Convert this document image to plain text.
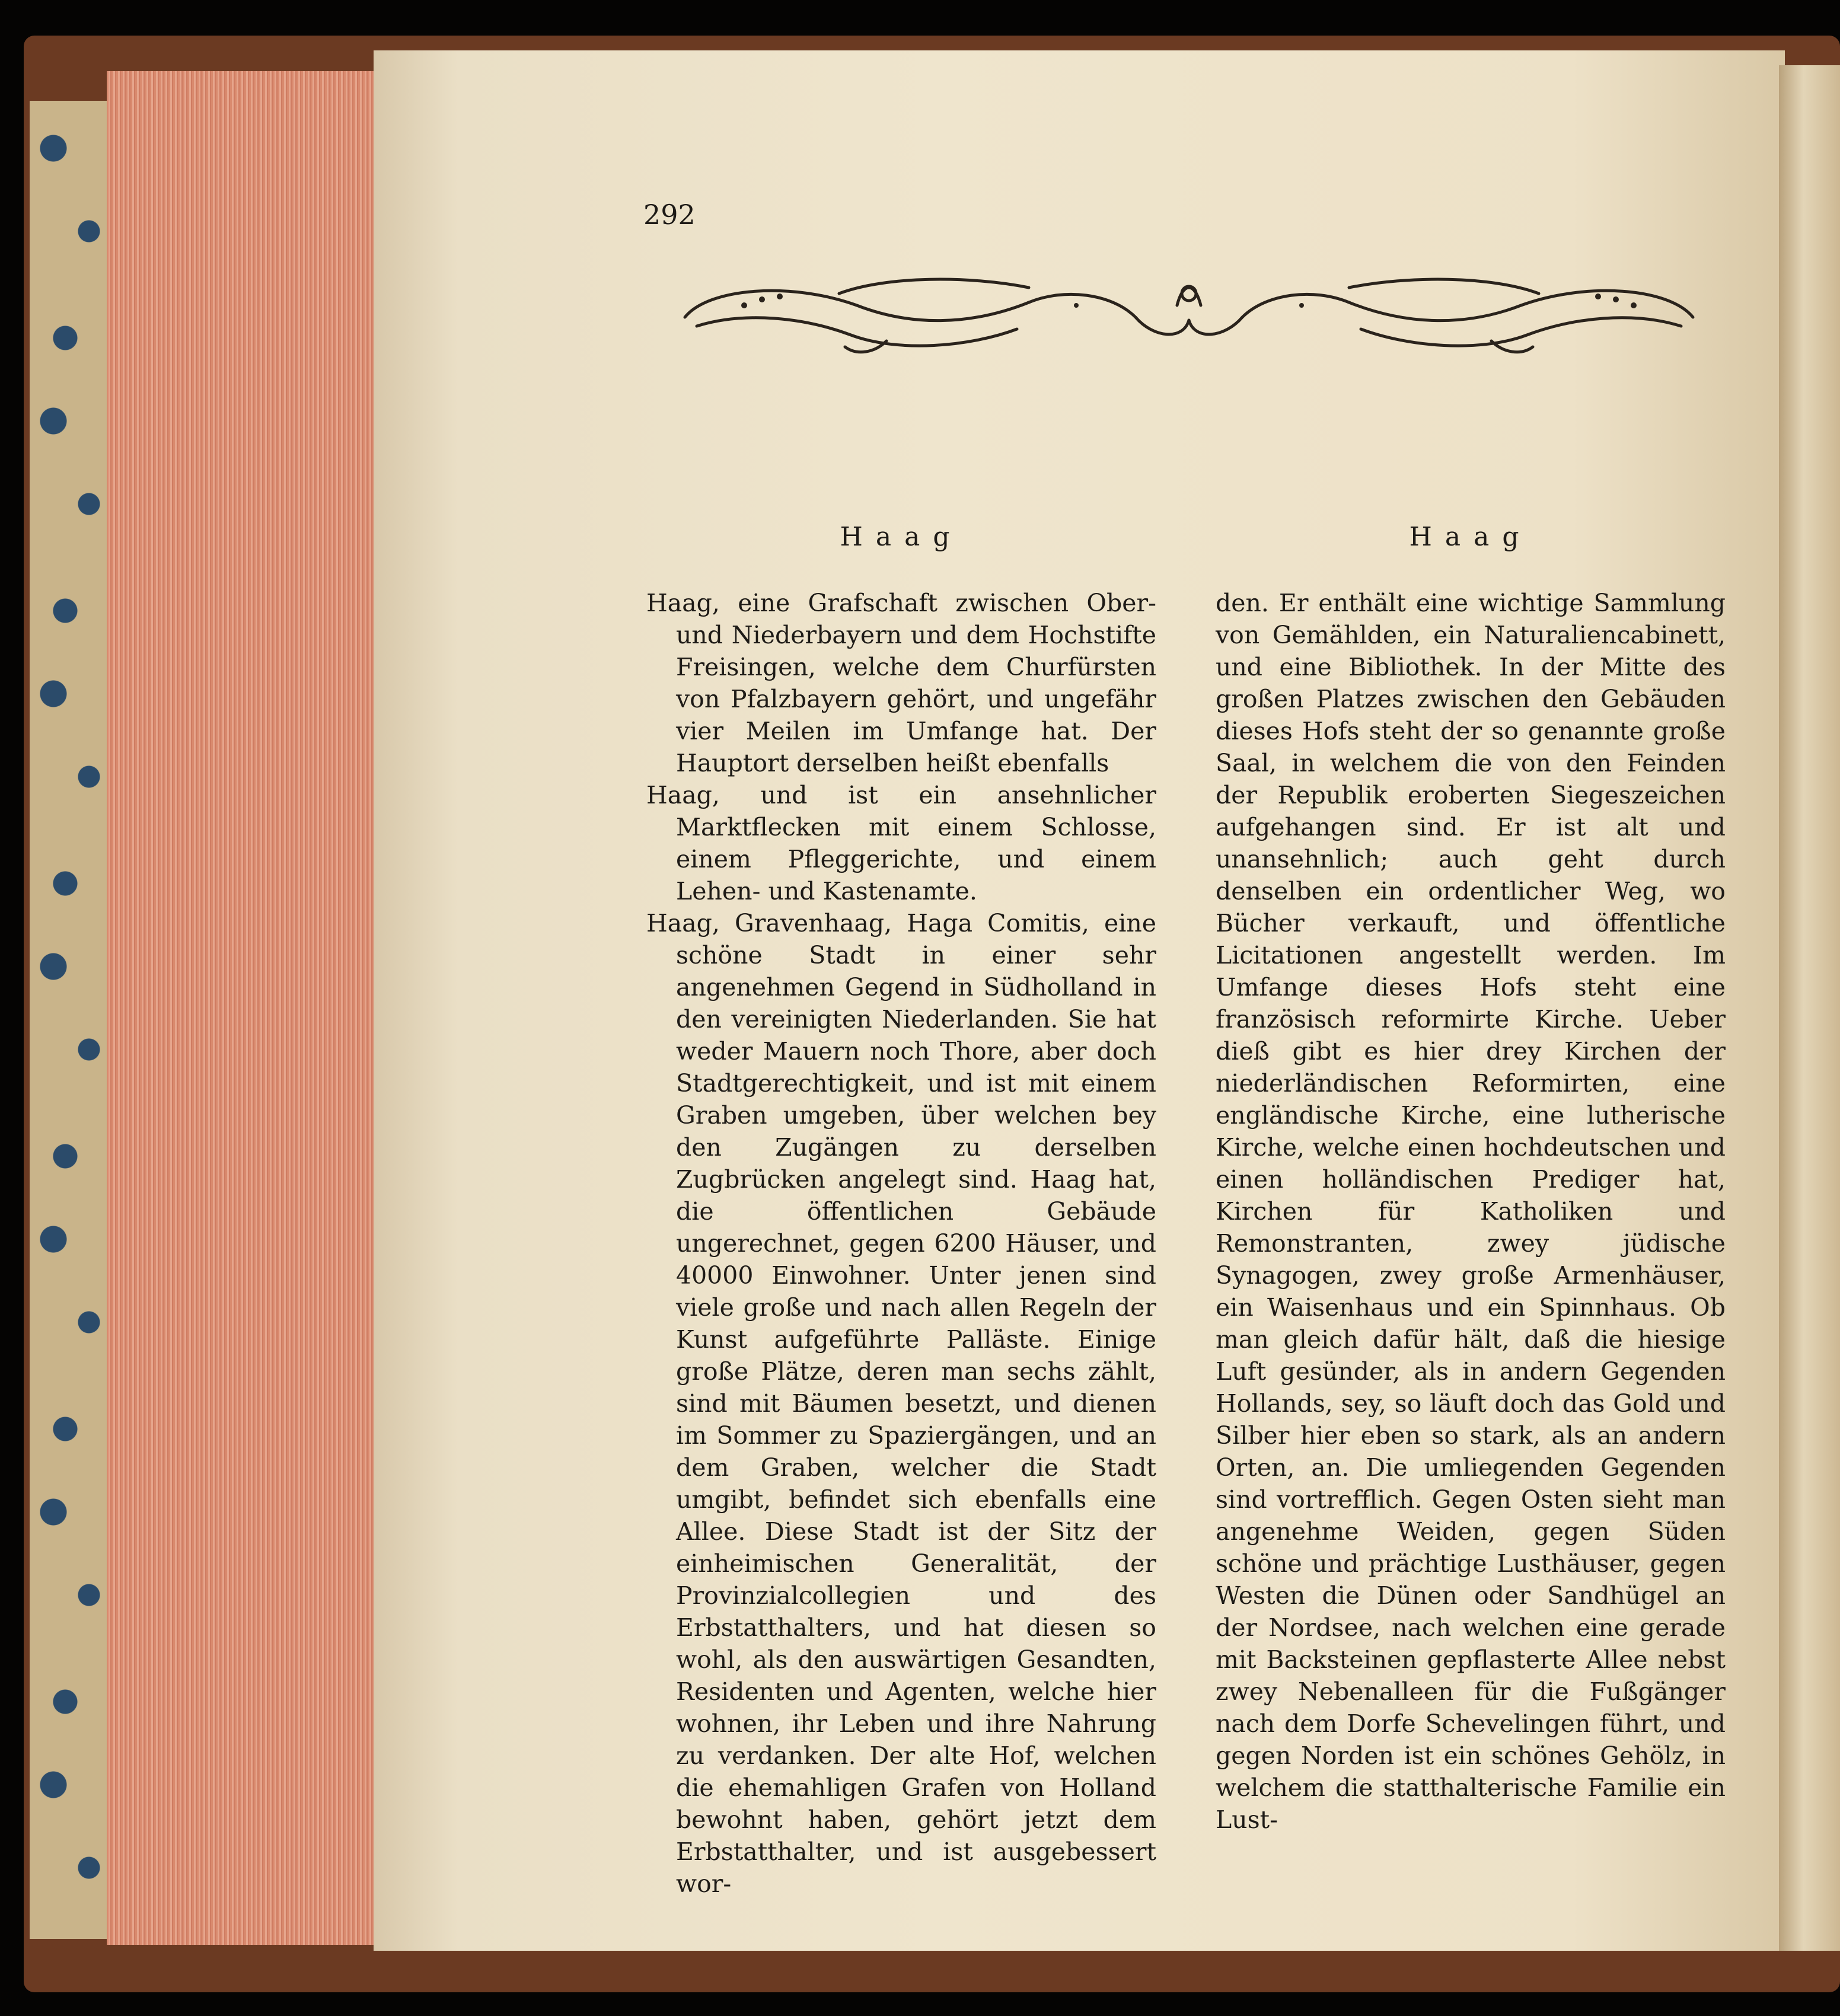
292
Haag

Haag, eine Grafschaft zwischen Ober- und Niederbayern und dem Hochstifte Freisingen, welche dem Churfürsten von Pfalzbayern gehört, und ungefähr vier Meilen im Umfange hat. Der Hauptort derselben heißt ebenfalls

Haag, und ist ein ansehnlicher Marktflecken mit einem Schlosse, einem Pfleggerichte, und einem Lehen- und Kastenamte.

Haag, Gravenhaag, Haga Comitis, eine schöne Stadt in einer sehr angenehmen Gegend in Südholland in den vereinigten Niederlanden. Sie hat weder Mauern noch Thore, aber doch Stadtgerechtigkeit, und ist mit einem Graben umgeben, über welchen bey den Zugängen zu derselben Zugbrücken angelegt sind. Haag hat, die öffentlichen Gebäude ungerechnet, gegen 6200 Häuser, und 40000 Einwohner. Unter jenen sind viele große und nach allen Regeln der Kunst aufgeführte Palläste. Einige große Plätze, deren man sechs zählt, sind mit Bäumen besetzt, und dienen im Sommer zu Spaziergängen, und an dem Graben, welcher die Stadt umgibt, befindet sich ebenfalls eine Allee. Diese Stadt ist der Sitz der einheimischen Generalität, der Provinzialcollegien und des Erbstatthalters, und hat diesen so wohl, als den auswärtigen Gesandten, Residenten und Agenten, welche hier wohnen, ihr Leben und ihre Nahrung zu verdanken. Der alte Hof, welchen die ehemahligen Grafen von Holland bewohnt haben, gehört jetzt dem Erbstatthalter, und ist ausgebessert wor-

Haag

den. Er enthält eine wichtige Sammlung von Gemählden, ein Naturaliencabinett, und eine Bibliothek. In der Mitte des großen Platzes zwischen den Gebäuden dieses Hofs steht der so genannte große Saal, in welchem die von den Feinden der Republik eroberten Siegeszeichen aufgehangen sind. Er ist alt und unansehnlich; auch geht durch denselben ein ordentlicher Weg, wo Bücher verkauft, und öffentliche Licitationen angestellt werden. Im Umfange dieses Hofs steht eine französisch reformirte Kirche. Ueber dieß gibt es hier drey Kirchen der niederländischen Reformirten, eine engländische Kirche, eine lutherische Kirche, welche einen hochdeutschen und einen holländischen Prediger hat, Kirchen für Katholiken und Remonstranten, zwey jüdische Synagogen, zwey große Armenhäuser, ein Waisenhaus und ein Spinnhaus. Ob man gleich dafür hält, daß die hiesige Luft gesünder, als in andern Gegenden Hollands, sey, so läuft doch das Gold und Silber hier eben so stark, als an andern Orten, an. Die umliegenden Gegenden sind vortrefflich. Gegen Osten sieht man angenehme Weiden, gegen Süden schöne und prächtige Lusthäuser, gegen Westen die Dünen oder Sandhügel an der Nordsee, nach welchen eine gerade mit Backsteinen gepflasterte Allee nebst zwey Nebenalleen für die Fußgänger nach dem Dorfe Schevelingen führt, und gegen Norden ist ein schönes Gehölz, in welchem die statthalterische Familie ein Lust-
